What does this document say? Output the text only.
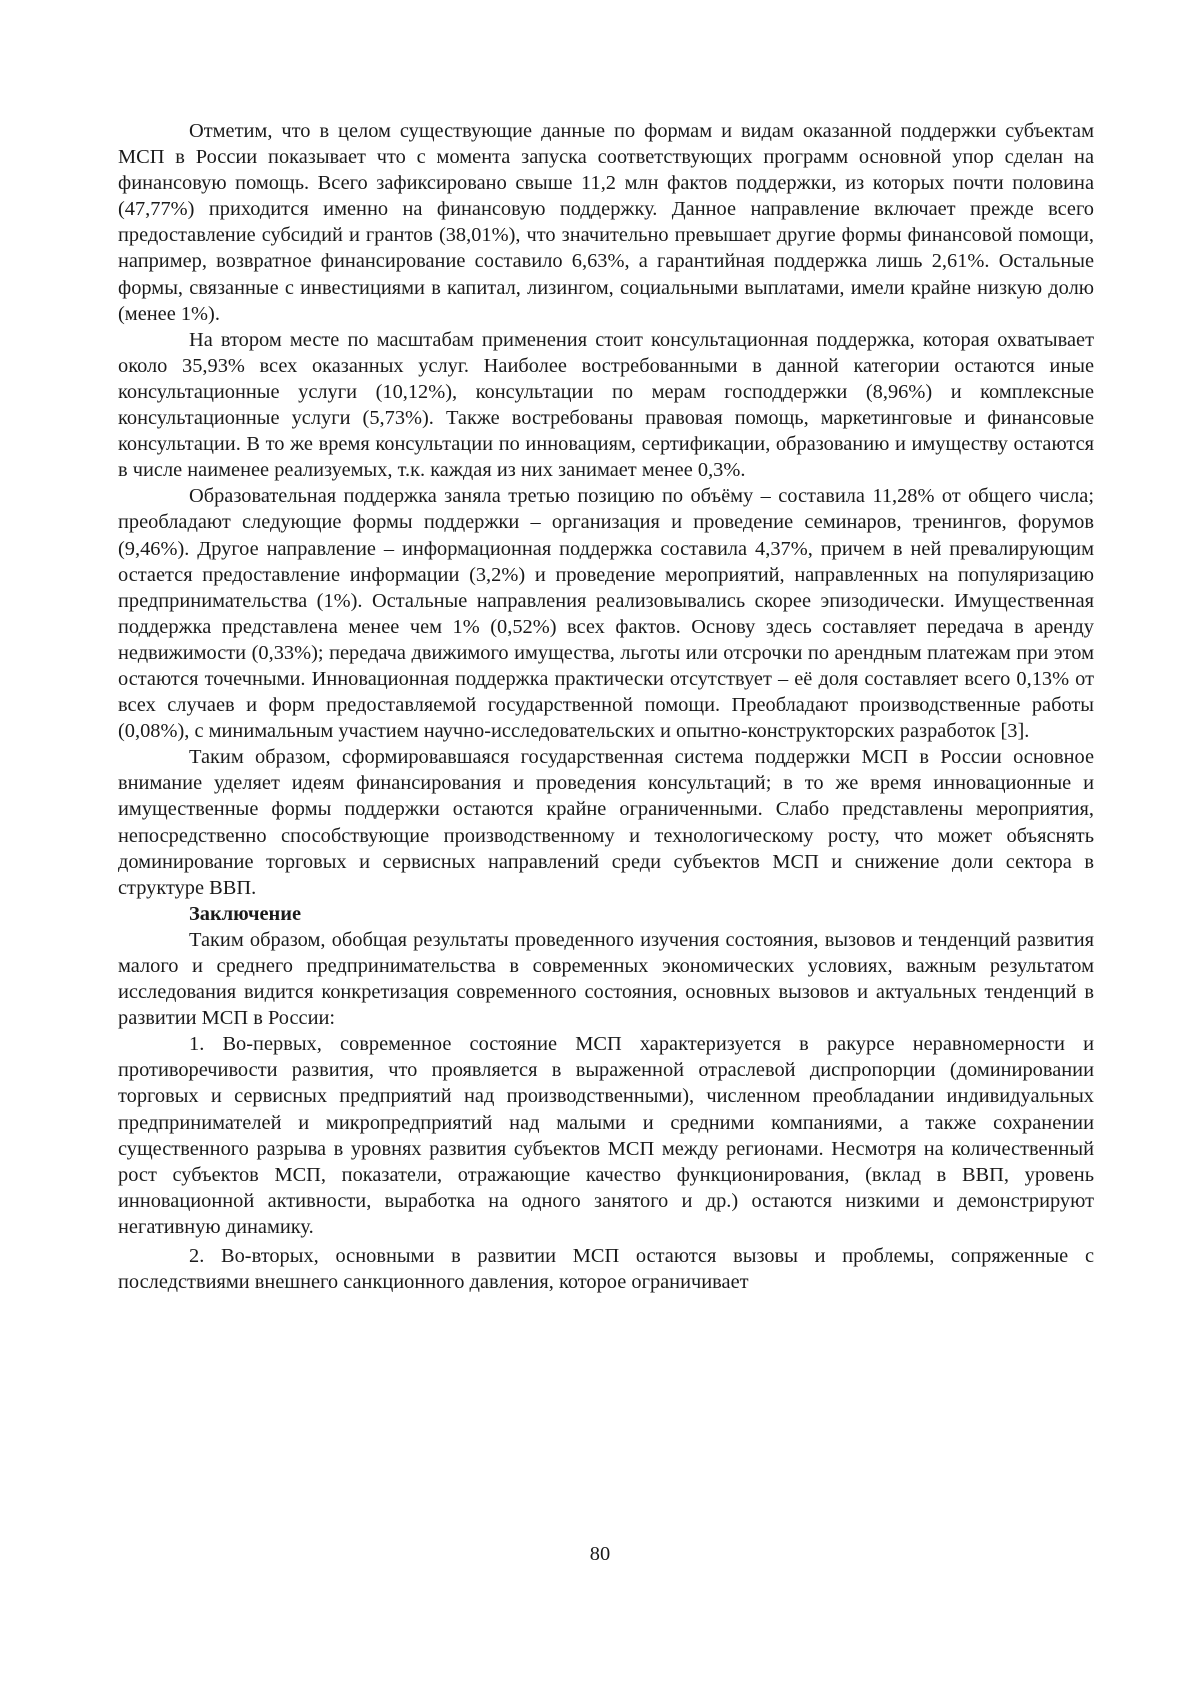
Отметим, что в целом существующие данные по формам и видам оказанной поддержки субъектам МСП в России показывает что с момента запуска соответствующих программ основной упор сделан на финансовую помощь. Всего зафиксировано свыше 11,2 млн фактов поддержки, из которых почти половина (47,77%) приходится именно на финансовую поддержку. Данное направление включает прежде всего предоставление субсидий и грантов (38,01%), что значительно превышает другие формы финансовой помощи, например, возвратное финансирование составило 6,63%, а гарантийная поддержка лишь 2,61%. Остальные формы, связанные с инвестициями в капитал, лизингом, социальными выплатами, имели крайне низкую долю (менее 1%).

На втором месте по масштабам применения стоит консультационная поддержка, которая охватывает около 35,93% всех оказанных услуг. Наиболее востребованными в данной категории остаются иные консультационные услуги (10,12%), консультации по мерам господдержки (8,96%) и комплексные консультационные услуги (5,73%). Также востребованы правовая помощь, маркетинговые и финансовые консультации. В то же время консультации по инновациям, сертификации, образованию и имуществу остаются в числе наименее реализуемых, т.к. каждая из них занимает менее 0,3%.

Образовательная поддержка заняла третью позицию по объёму – составила 11,28% от общего числа; преобладают следующие формы поддержки – организация и проведение семинаров, тренингов, форумов (9,46%). Другое направление – информационная поддержка составила 4,37%, причем в ней превалирующим остается предоставление информации (3,2%) и проведение мероприятий, направленных на популяризацию предпринимательства (1%). Остальные направления реализовывались скорее эпизодически. Имущественная поддержка представлена менее чем 1% (0,52%) всех фактов. Основу здесь составляет передача в аренду недвижимости (0,33%); передача движимого имущества, льготы или отсрочки по арендным платежам при этом остаются точечными. Инновационная поддержка практически отсутствует – её доля составляет всего 0,13% от всех случаев и форм предоставляемой государственной помощи. Преобладают производственные работы (0,08%), с минимальным участием научно-исследовательских и опытно-конструкторских разработок [3].

Таким образом, сформировавшаяся государственная система поддержки МСП в России основное внимание уделяет идеям финансирования и проведения консультаций; в то же время инновационные и имущественные формы поддержки остаются крайне ограниченными. Слабо представлены мероприятия, непосредственно способствующие производственному и технологическому росту, что может объяснять доминирование торговых и сервисных направлений среди субъектов МСП и снижение доли сектора в структуре ВВП.

Заключение

Таким образом, обобщая результаты проведенного изучения состояния, вызовов и тенденций развития малого и среднего предпринимательства в современных экономических условиях, важным результатом исследования видится конкретизация современного состояния, основных вызовов и актуальных тенденций в развитии МСП в России:

1. Во-первых, современное состояние МСП характеризуется в ракурсе неравномерности и противоречивости развития, что проявляется в выраженной отраслевой диспропорции (доминировании торговых и сервисных предприятий над производственными), численном преобладании индивидуальных предпринимателей и микропредприятий над малыми и средними компаниями, а также сохранении существенного разрыва в уровнях развития субъектов МСП между регионами. Несмотря на количественный рост субъектов МСП, показатели, отражающие качество функционирования, (вклад в ВВП, уровень инновационной активности, выработка на одного занятого и др.) остаются низкими и демонстрируют негативную динамику.

2. Во-вторых, основными в развитии МСП остаются вызовы и проблемы, сопряженные с последствиями внешнего санкционного давления, которое ограничивает

80
